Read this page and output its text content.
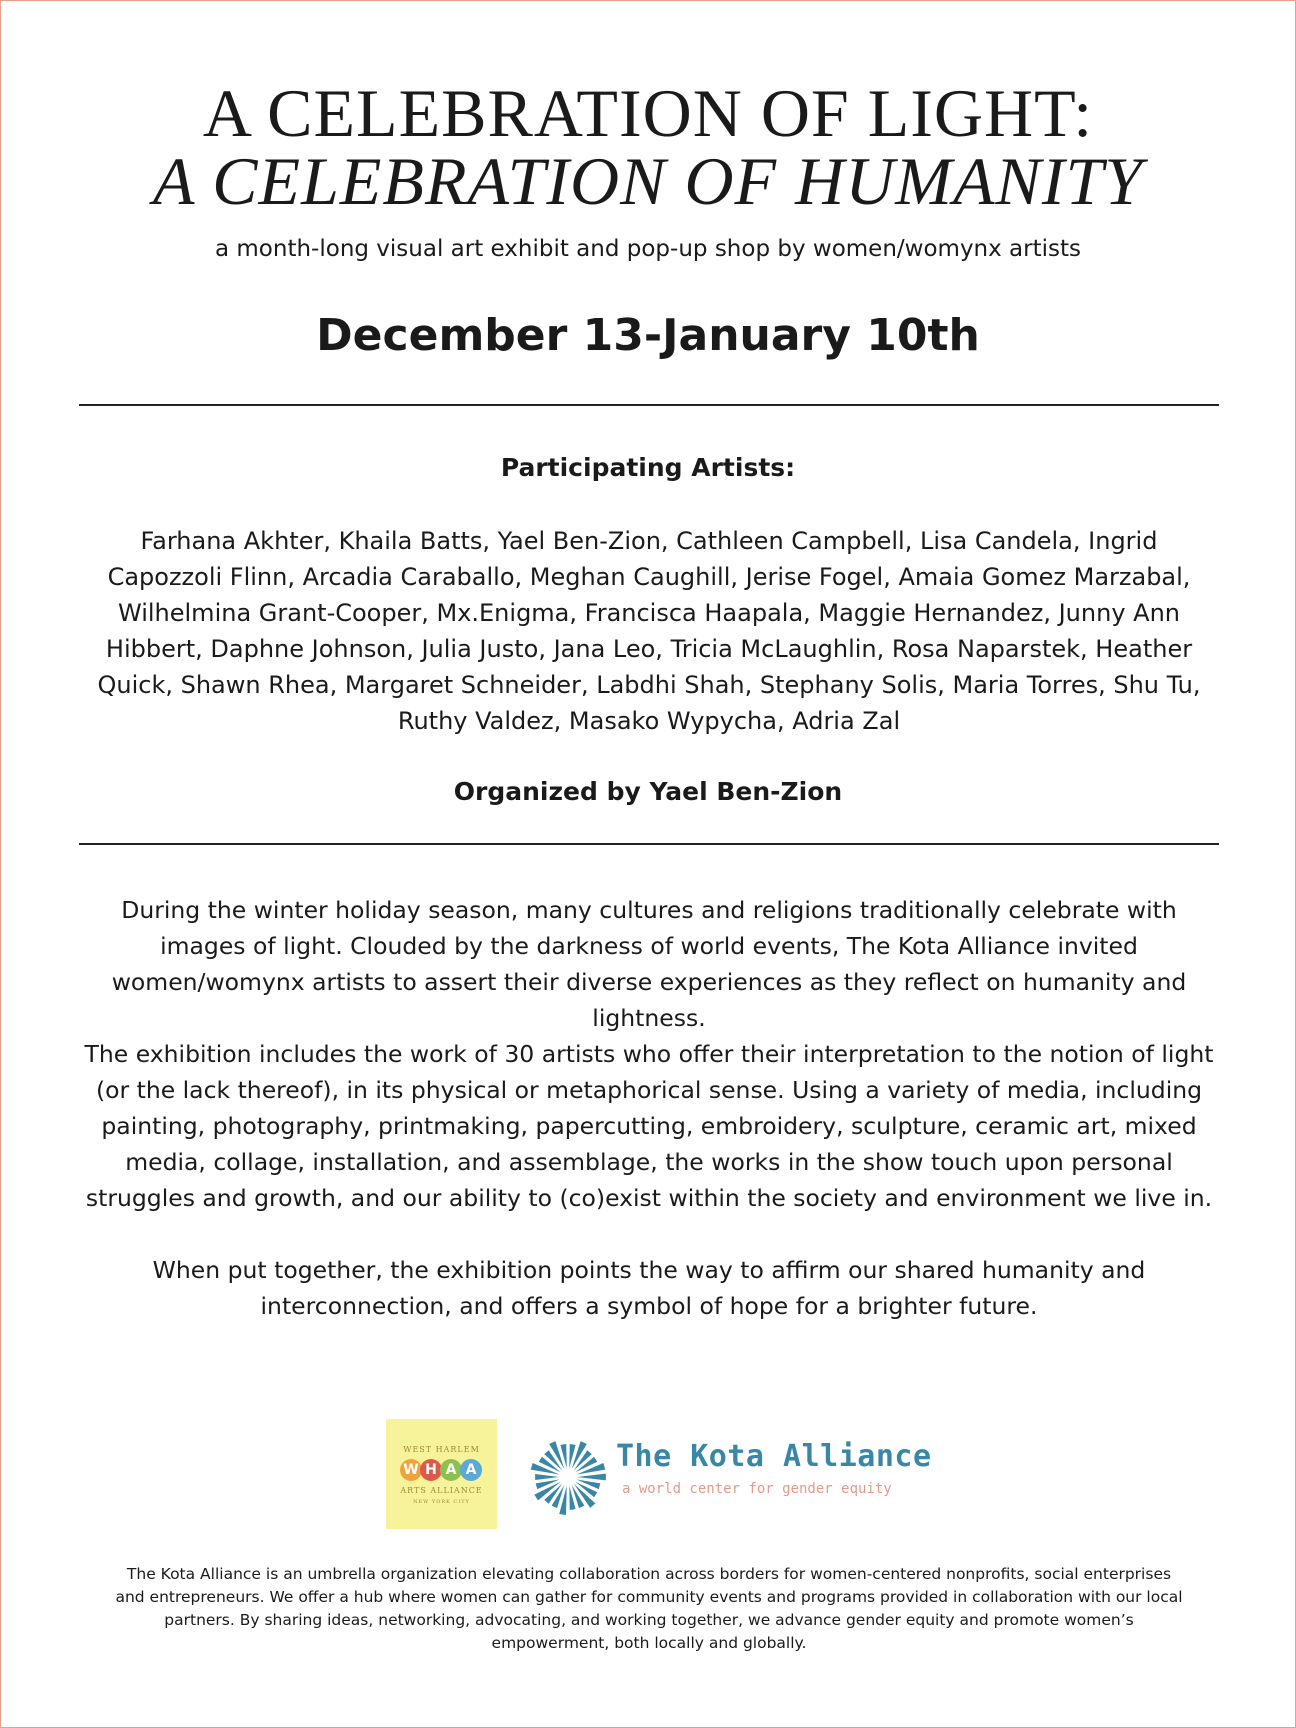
A CELEBRATION OF LIGHT:
A CELEBRATION OF HUMANITY
a month-long visual art exhibit and pop-up shop by women/womynx artists
December 13-January 10th
Participating Artists:
Farhana Akhter, Khaila Batts, Yael Ben-Zion, Cathleen Campbell, Lisa Candela, Ingrid Capozzoli Flinn, Arcadia Caraballo, Meghan Caughill, Jerise Fogel, Amaia Gomez Marzabal, Wilhelmina Grant-Cooper, Mx.Enigma, Francisca Haapala, Maggie Hernandez, Junny Ann Hibbert, Daphne Johnson, Julia Justo, Jana Leo, Tricia McLaughlin, Rosa Naparstek, Heather Quick, Shawn Rhea, Margaret Schneider, Labdhi Shah, Stephany Solis, Maria Torres, Shu Tu, Ruthy Valdez, Masako Wypycha, Adria Zal
Organized by Yael Ben-Zion

During the winter holiday season, many cultures and religions traditionally celebrate with images of light. Clouded by the darkness of world events, The Kota Alliance invited women/womynx artists to assert their diverse experiences as they reflect on humanity and lightness.

The exhibition includes the work of 30 artists who offer their interpretation to the notion of light (or the lack thereof), in its physical or metaphorical sense. Using a variety of media, including painting, photography, printmaking, papercutting, embroidery, sculpture, ceramic art, mixed media, collage, installation, and assemblage, the works in the show touch upon personal struggles and growth, and our ability to (co)exist within the society and environment we live in.

When put together, the exhibition points the way to affirm our shared humanity and interconnection, and offers a symbol of hope for a brighter future.

WEST HARLEM
W H A A
ARTS ALLIANCE
NEW YORK CITY
The Kota Alliance
a world center for gender equity

The Kota Alliance is an umbrella organization elevating collaboration across borders for women-centered nonprofits, social enterprises and entrepreneurs. We offer a hub where women can gather for community events and programs provided in collaboration with our local partners. By sharing ideas, networking, advocating, and working together, we advance gender equity and promote women’s empowerment, both locally and globally.
